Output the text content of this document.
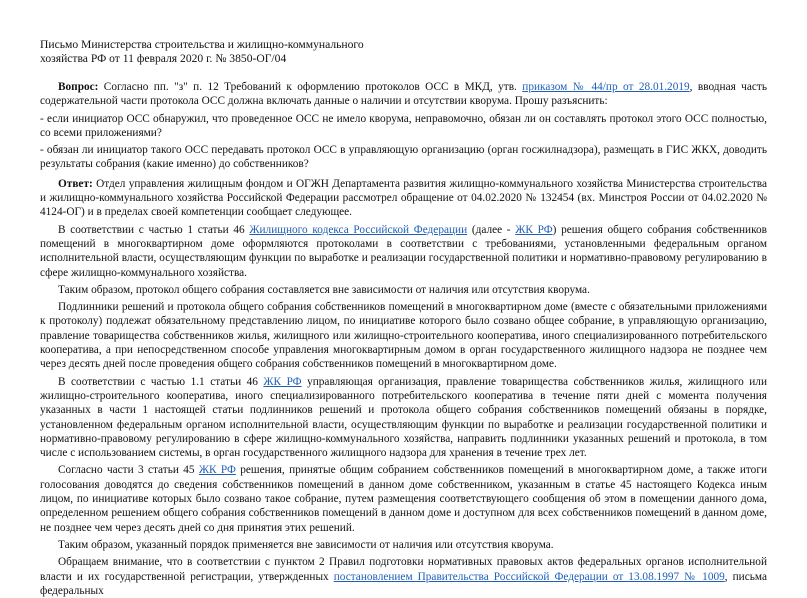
Письмо Министерства строительства и жилищно-коммунального
хозяйства РФ от 11 февраля 2020 г. № 3850-ОГ/04

Вопрос: Согласно пп. "з" п. 12 Требований к оформлению протоколов ОСС в МКД, утв. приказом № 44/пр от 28.01.2019, вводная часть содержательной части протокола ОСС должна включать данные о наличии и отсутствии кворума. Прошу разъяснить:

- если инициатор ОСС обнаружил, что проведенное ОСС не имело кворума, неправомочно, обязан ли он составлять протокол этого ОСС полностью, со всеми приложениями?

- обязан ли инициатор такого ОСС передавать протокол ОСС в управляющую организацию (орган госжилнадзора), размещать в ГИС ЖКХ, доводить результаты собрания (какие именно) до собственников?

Ответ: Отдел управления жилищным фондом и ОГЖН Департамента развития жилищно-коммунального хозяйства Министерства строительства и жилищно-коммунального хозяйства Российской Федерации рассмотрел обращение от 04.02.2020 № 132454 (вх. Минстроя России от 04.02.2020 № 4124-ОГ) и в пределах своей компетенции сообщает следующее.

В соответствии с частью 1 статьи 46 Жилищного кодекса Российской Федерации (далее - ЖК РФ) решения общего собрания собственников помещений в многоквартирном доме оформляются протоколами в соответствии с требованиями, установленными федеральным органом исполнительной власти, осуществляющим функции по выработке и реализации государственной политики и нормативно-правовому регулированию в сфере жилищно-коммунального хозяйства.

Таким образом, протокол общего собрания составляется вне зависимости от наличия или отсутствия кворума.

Подлинники решений и протокола общего собрания собственников помещений в многоквартирном доме (вместе с обязательными приложениями к протоколу) подлежат обязательному представлению лицом, по инициативе которого было созвано общее собрание, в управляющую организацию, правление товарищества собственников жилья, жилищного или жилищно-строительного кооператива, иного специализированного потребительского кооператива, а при непосредственном способе управления многоквартирным домом в орган государственного жилищного надзора не позднее чем через десять дней после проведения общего собрания собственников помещений в многоквартирном доме.

В соответствии с частью 1.1 статьи 46 ЖК РФ управляющая организация, правление товарищества собственников жилья, жилищного или жилищно-строительного кооператива, иного специализированного потребительского кооператива в течение пяти дней с момента получения указанных в части 1 настоящей статьи подлинников решений и протокола общего собрания собственников помещений обязаны в порядке, установленном федеральным органом исполнительной власти, осуществляющим функции по выработке и реализации государственной политики и нормативно-правовому регулированию в сфере жилищно-коммунального хозяйства, направить подлинники указанных решений и протокола, в том числе с использованием системы, в орган государственного жилищного надзора для хранения в течение трех лет.

Согласно части 3 статьи 45 ЖК РФ решения, принятые общим собранием собственников помещений в многоквартирном доме, а также итоги голосования доводятся до сведения собственников помещений в данном доме собственником, указанным в статье 45 настоящего Кодекса иным лицом, по инициативе которых было созвано такое собрание, путем размещения соответствующего сообщения об этом в помещении данного дома, определенном решением общего собрания собственников помещений в данном доме и доступном для всех собственников помещений в данном доме, не позднее чем через десять дней со дня принятия этих решений.

Таким образом, указанный порядок применяется вне зависимости от наличия или отсутствия кворума.

Обращаем внимание, что в соответствии с пунктом 2 Правил подготовки нормативных правовых актов федеральных органов исполнительной власти и их государственной регистрации, утвержденных постановлением Правительства Российской Федерации от 13.08.1997 № 1009, письма федеральных
